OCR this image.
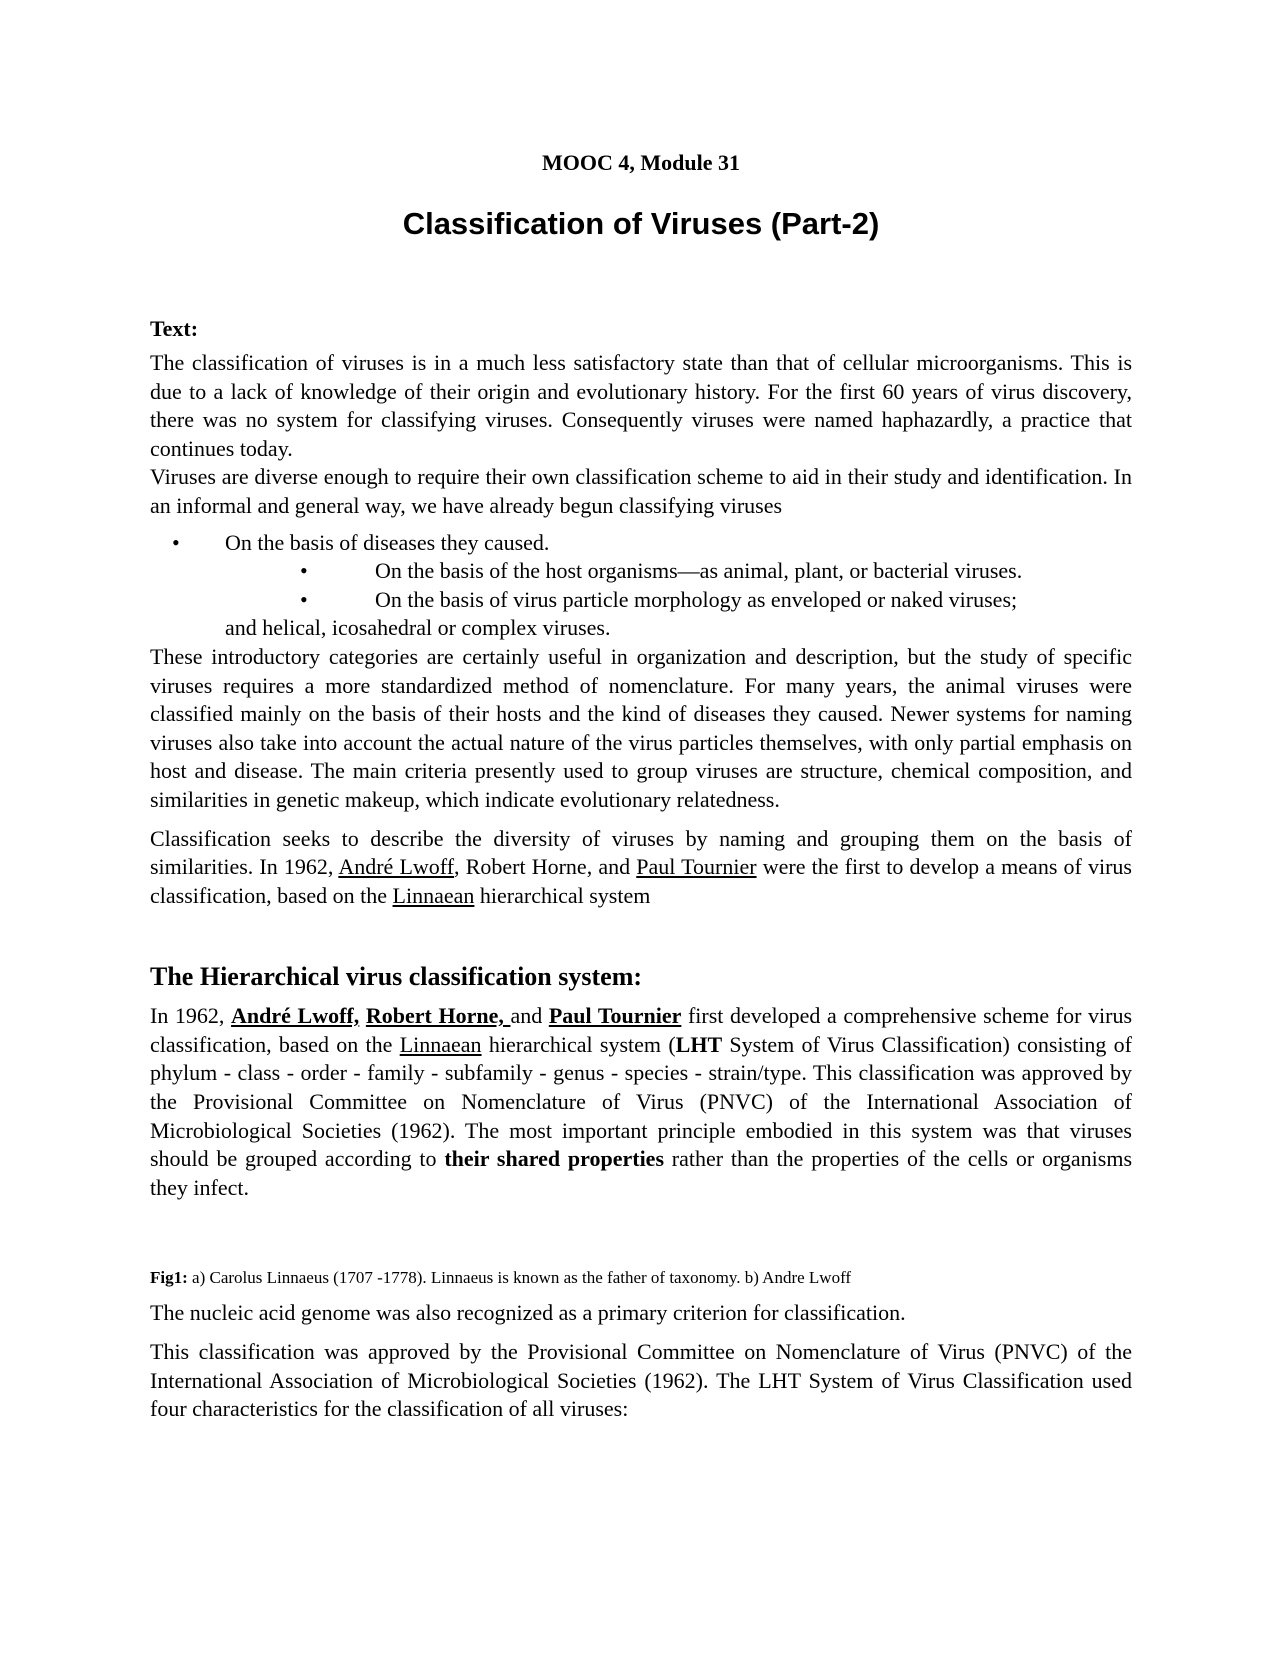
MOOC 4, Module 31
Classification of Viruses (Part-2)
Text:

The classification of viruses is in a much less satisfactory state than that of cellular microorganisms. This is due to a lack of knowledge of their origin and evolutionary history. For the first 60 years of virus discovery, there was no system for classifying viruses. Consequently viruses were named haphazardly, a practice that continues today.

Viruses are diverse enough to require their own classification scheme to aid in their study and identification. In an informal and general way, we have already begun classifying viruses

• On the basis of diseases they caused.
•	On the basis of the host organisms—as animal, plant, or bacterial viruses.
•	On the basis of virus particle morphology as enveloped or naked viruses;
and helical, icosahedral or complex viruses.

These introductory categories are certainly useful in organization and description, but the study of specific viruses requires a more standardized method of nomenclature. For many years, the animal viruses were classified mainly on the basis of their hosts and the kind of diseases they caused. Newer systems for naming viruses also take into account the actual nature of the virus particles themselves, with only partial emphasis on host and disease. The main criteria presently used to group viruses are structure, chemical composition, and similarities in genetic makeup, which indicate evolutionary relatedness.

Classification seeks to describe the diversity of viruses by naming and grouping them on the basis of similarities. In 1962, André Lwoff, Robert Horne, and Paul Tournier were the first to develop a means of virus classification, based on the Linnaean hierarchical system

The Hierarchical virus classification system:

In 1962, André Lwoff, Robert Horne, and Paul Tournier first developed a comprehensive scheme for virus classification, based on the Linnaean hierarchical system (LHT System of Virus Classification) consisting of phylum - class - order - family - subfamily - genus - species - strain/type. This classification was approved by the Provisional Committee on Nomenclature of Virus (PNVC) of the International Association of Microbiological Societies (1962). The most important principle embodied in this system was that viruses should be grouped according to their shared properties rather than the properties of the cells or organisms they infect.

Fig1: a) Carolus Linnaeus (1707 -1778). Linnaeus is known as the father of taxonomy. b) Andre Lwoff

The nucleic acid genome was also recognized as a primary criterion for classification.

This classification was approved by the Provisional Committee on Nomenclature of Virus (PNVC) of the International Association of Microbiological Societies (1962). The LHT System of Virus Classification used four characteristics for the classification of all viruses:
